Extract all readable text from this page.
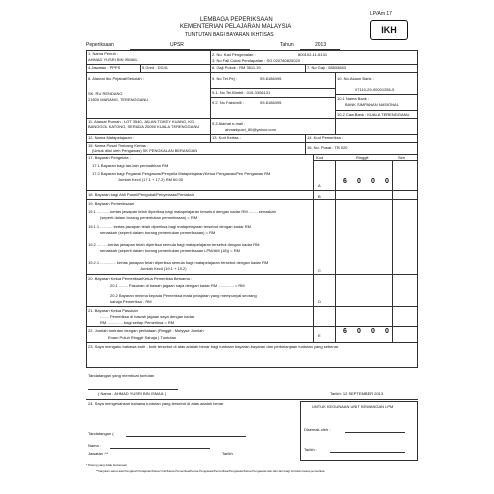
LP/Am 17
IKH
LEMBAGA PEPERIKSAAN
KEMENTERIAN PELAJARAN MALAYSIA
TUNTUTAN BAGI BAYARAN IKHTISAS
Peperiksaan	UPSR	Tahun	2013
1. Nama Penuh :
AHMAD YUSRI BIN ISMAIL
2. No. Kad Pengenalan :	800102-11-6131
3. No Fail Cukai Pendapatan : SG 020780825020
4.Jawatan : PPPS	5.Gred : DG41	6. Gaji Pokok : RM 3511.19	7. No Gaji : 08833683
8. Alamat Ibu Pejabat/Sekolah :
SK. RU RENDANG
21600 MARANG, TERENGGANU
9. No Tel.Pej :	09-6186495
9.1. No Tel.Bimbit : 019-3306131
9.2. No Faksimili :	09-6186495
10. No.Akaun Bank :
07110-29-00001256-5
10.1 Nama Bank :
BANK SIMPANAN NASIONAL
10.2 Caw.Bank : KUALA TERENGGANU
11. Alamat Rumah : LOT 3540, JALAN TOKEY KUANG, KG. BANGGOL KATONG, SERADA 20050 KUALA TERENGGANU
9.3 Alamat e-mail :
ahmadyusri_80@yahoo.com
12. Nama Matapelajaran :	13. Kod Kertas :	14. Kod Pemeriksa :
15. Nama Pusat Timbang Kertas :
(Untuk diisi oleh Pengawas) SK PENGKALAN BERANGAN
16. No. Pusat : TB 020
17. Bayaran Pengelola :	Kod	Ringgit	Sen
17.1 Bayaran bagi tan-lain pentadbiran RM
17.2 Bayaran bagi Pegawai Pengawas/Penyelia Matapelajaran/Ketua Pengawas/Pen Pengawas RM
Jumlah Kecil (17.1 + 17.2) RM 60.00
A
6	0	0	0
18. Bayaran bagi Ahli Panel/Pengubal/Penyelaras/Pentaksir	B
19. Bayaran Pemeriksaan
19.1 ............kertas jawapan telah diperiksa bagi matapelajaran tersebut dengan kadar RM ........ senaskah
(seperti dalam borang penentukan pemeriksaan) = RM
19.1.1 ........... kertas jawapan telah diperiksa bagi matapelajaran tersebut dengan kadar RM
senaskah (seperti dalam borang penentukan pemeriksaan) = RM
19.2 ..........kertas jawapan telah diperiksa semula bagi matapelajaran tersebut dengan kadar RM
senaskah (seperti dalam borang penentukan pemeriksaan LPM/AM (18)) = RM
19.2.1 .............. kertas jawapan telah diperiksa semula bagi matapelajaran tersebut dengan kadar RM
Jumlah Kecil (19.1 + 19.2)	C
20. Bayaran Ketua Pemeriksa/Ketua Pemeriksa Bersama :
20.1 ........ Pasukan di bawah jagaan saya dengan kadar RM .............. = RM
20.2 Bayaran minima kepada Pemeriksa mata pelajaran yang mempunyai seorang
sahaja Pemeriksa - RM	D
21. Bayaran Ketua Pasukan
........ Pemeriksa di bawah jagaan saya dengan kadar
RM .............. bagi setiap Pemeriksa = RM
22. Jumlah tuntutan dengan perkataan (Ringgit : Mutyyse Jumlah
Enam Puluh Ringgit Sahaja ) Tuntutan	E
6	0	0	0
23. Saya mengaku bahawa butir - butir tersebut di atas adalah benar bagi tuntutan bayaran-bayaran dan perbelanjaan tuntutan yang sebenar.
Tandatangan yang membuat tuntutan
( Nama : AHMAD YUSRI BIN ISMAIL )	Tarikh: 12 SEPTEMBER 2013
24. Saya mengesahkan bahawa tuntutan yang tersebut di atas adalah benar
UNTUK KEGUNAAN UNIT KEWANGAN LPM
Disemak oleh :
Tarikh :
Tandatangan (
Nama :
Jawatan :**	Tarikh
* Potong yang tidak berkenaan
**Ilanjutan sama ada Pengarah Pelajaran/Ketua Unit/Ketua Pemeriksa/Ketua Pengawas/Pemeriksa/Pengawas/Ketua Pengawas dan lain-lain bagi tuntutan ketua pemeriksa
